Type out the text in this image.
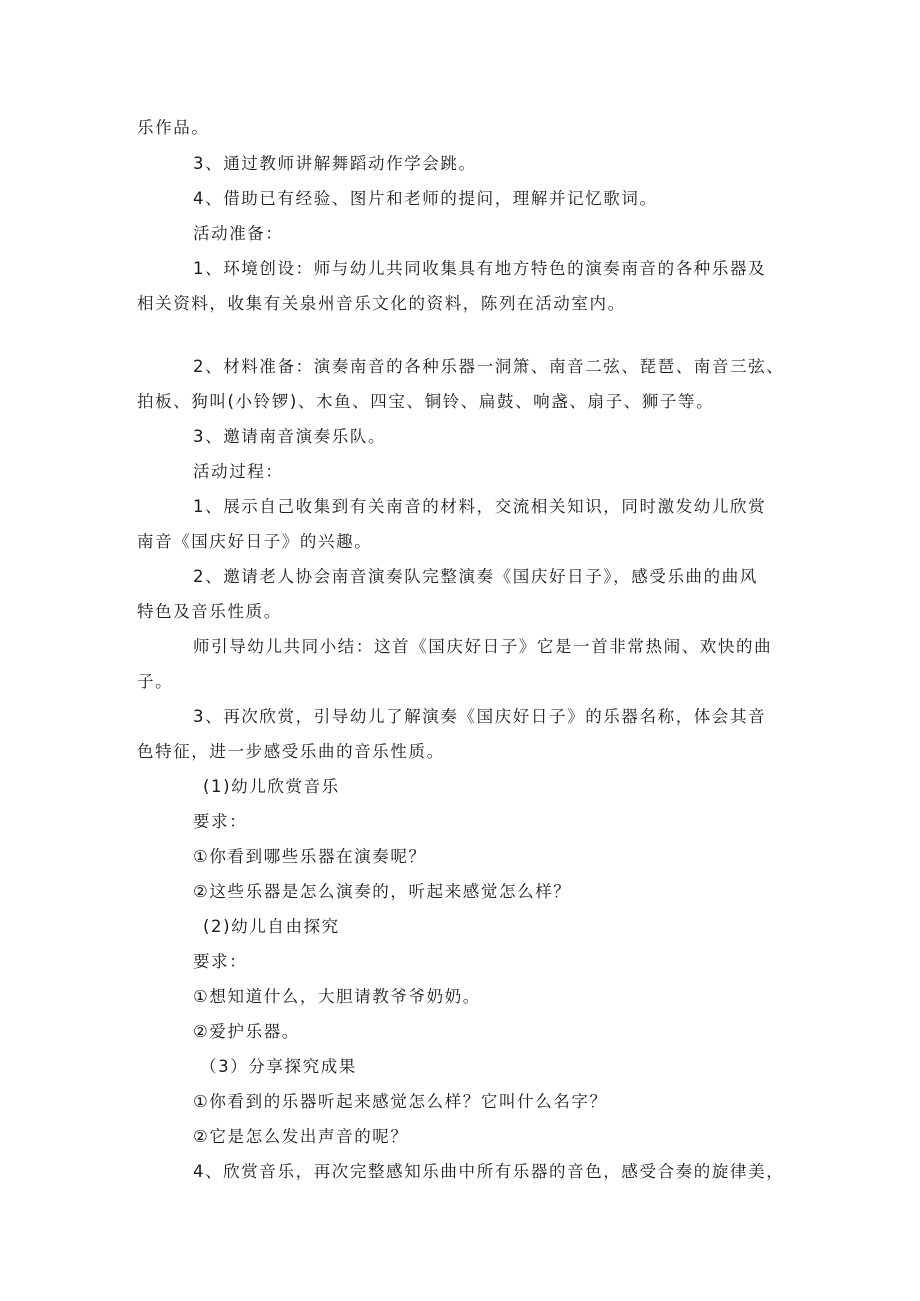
乐作品。
3、通过教师讲解舞蹈动作学会跳。
4、借助已有经验、图片和老师的提问，理解并记忆歌词。
活动准备：
1、环境创设：师与幼儿共同收集具有地方特色的演奏南音的各种乐器及
相关资料，收集有关泉州音乐文化的资料，陈列在活动室内。
2、材料准备：演奏南音的各种乐器一洞箫、南音二弦、琵琶、南音三弦、
拍板、狗叫(小铃锣)、木鱼、四宝、铜铃、扁鼓、响盏、扇子、狮子等。
3、邀请南音演奏乐队。
活动过程：
1、展示自己收集到有关南音的材料，交流相关知识，同时激发幼儿欣赏
南音《国庆好日子》的兴趣。
2、邀请老人协会南音演奏队完整演奏《国庆好日子》，感受乐曲的曲风
特色及音乐性质。
师引导幼儿共同小结：这首《国庆好日子》它是一首非常热闹、欢快的曲
子。
3、再次欣赏，引导幼儿了解演奏《国庆好日子》的乐器名称，体会其音
色特征，进一步感受乐曲的音乐性质。
(1)幼儿欣赏音乐
要求：
①你看到哪些乐器在演奏呢？
②这些乐器是怎么演奏的，听起来感觉怎么样？
(2)幼儿自由探究
要求：
①想知道什么，大胆请教爷爷奶奶。
②爱护乐器。
（3）分享探究成果
①你看到的乐器听起来感觉怎么样？它叫什么名字？
②它是怎么发出声音的呢？
4、欣赏音乐，再次完整感知乐曲中所有乐器的音色，感受合奏的旋律美，
